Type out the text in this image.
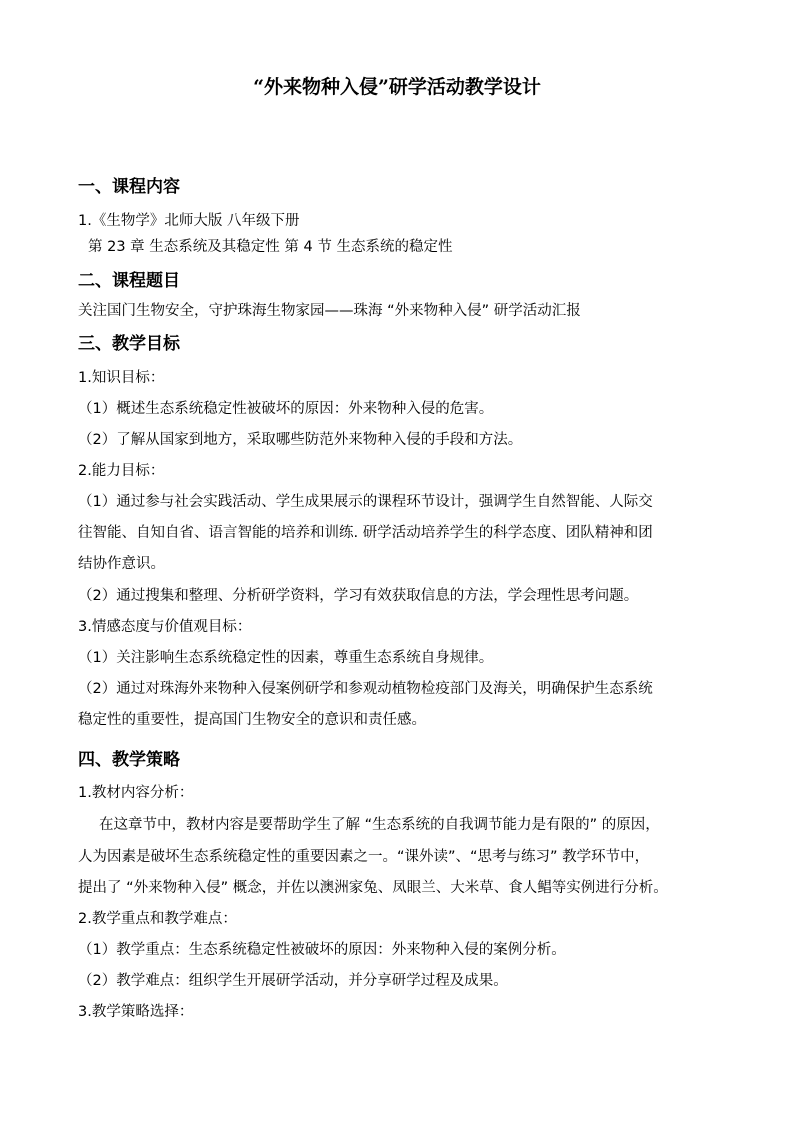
“外来物种入侵”研学活动教学设计
一、课程内容
1.《生物学》北师大版 八年级下册
第 23 章 生态系统及其稳定性 第 4 节 生态系统的稳定性
二、课程题目
关注国门生物安全，守护珠海生物家园——珠海 “外来物种入侵” 研学活动汇报
三、教学目标
1.知识目标：
（1）概述生态系统稳定性被破坏的原因：外来物种入侵的危害。
（2）了解从国家到地方，采取哪些防范外来物种入侵的手段和方法。
2.能力目标：
（1）通过参与社会实践活动、学生成果展示的课程环节设计，强调学生自然智能、人际交
往智能、自知自省、语言智能的培养和训练. 研学活动培养学生的科学态度、团队精神和团
结协作意识。
（2）通过搜集和整理、分析研学资料，学习有效获取信息的方法，学会理性思考问题。
3.情感态度与价值观目标：
（1）关注影响生态系统稳定性的因素，尊重生态系统自身规律。
（2）通过对珠海外来物种入侵案例研学和参观动植物检疫部门及海关，明确保护生态系统
稳定性的重要性，提高国门生物安全的意识和责任感。
四、教学策略
1.教材内容分析：
在这章节中，教材内容是要帮助学生了解 “生态系统的自我调节能力是有限的” 的原因，
人为因素是破坏生态系统稳定性的重要因素之一。“课外读”、“思考与练习” 教学环节中，
提出了 “外来物种入侵” 概念，并佐以澳洲家兔、凤眼兰、大米草、食人鲳等实例进行分析。
2.教学重点和教学难点：
（1）教学重点：生态系统稳定性被破坏的原因：外来物种入侵的案例分析。
（2）教学难点：组织学生开展研学活动，并分享研学过程及成果。
3.教学策略选择：
